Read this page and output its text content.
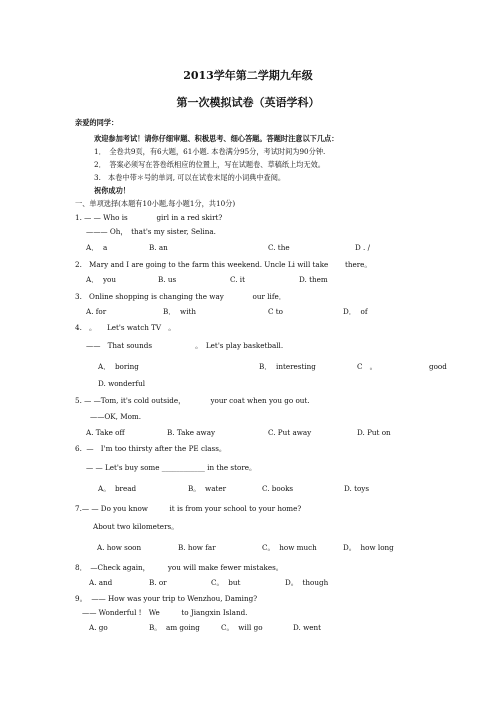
2013学年第二学期九年级
第一次模拟试卷（英语学科）
亲爱的同学：
欢迎参加考试！请你仔细审题、积极思考、细心答题。答题时注意以下几点：
1．　全卷共9页，有6大题，61小题. 本卷满分95分，考试时间为90分钟.
2．　答案必须写在答卷纸相应的位置上，写在试题卷、草稿纸上均无效。
3.　本卷中带＊号的单词, 可以在试卷末尾的小词典中查阅。
祝你成功！
一、单项选择(本题有10小题,每小题1分，共10分)
1. — — Who is　　　　girl in a red skirt?
——— Oh，　that's my sister, Selina.
A．  a	B. an	C. the	D . /
2.　Mary and I are going to the farm this weekend. Uncle Li will take　　 there。
A．  you	B. us	C. it	D. them
3.　Online shopping is changing the way　　　　our life．
A. for	B．  with	C to	D．  of
4.　。　　Let's watch TV　。
——　That sounds　　　　　　。　Let's play basketball.
A．  boring	B．  interesting	C　。	good
D. wonderful
5. — —Tom, it's cold outside，　　　　your coat when you go out.
——OK, Mom.
A. Take off	B. Take away	C. Put away	D. Put on
6.  —　I'm too thirsty after the PE class。
— — Let's buy some ____________ in the store。
A。  bread	B。  water	C. books	D. toys
7.— — Do you know　　　it is from your school to your home?
About two kilometers。
A. how soon	B. how far	C。  how much	D。  how long
8．　—Check again，　　　you will make fewer mistakes。
A. and	B. or	C。  but	D。  though
9。  —— How was your trip to Wenzhou, Daming?
—— Wonderful !　We　　　to Jiangxin Island.
A. go	B。  am going	C。  will go	D. went
